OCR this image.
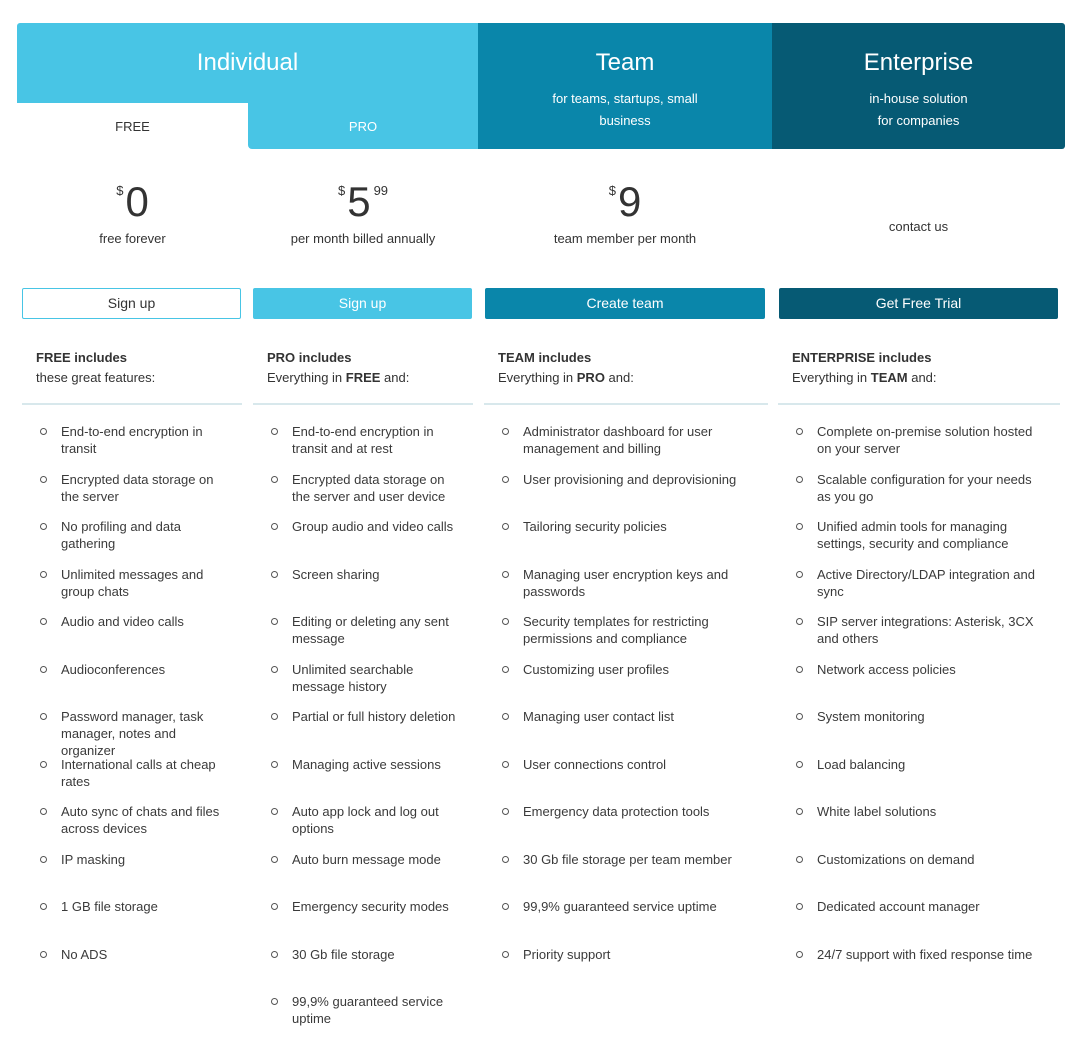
Individual
FREE	PRO
Team
for teams, startups, small business
Enterprise
in-house solution
for companies
$0
free forever
$5 99
per month billed annually
$9
team member per month
contact us
Sign up	Sign up	Create team	Get Free Trial
FREE includes
these great features:
PRO includes
Everything in FREE and:
TEAM includes
Everything in PRO and:
ENTERPRISE includes
Everything in TEAM and:
End-to-end encryption in transit
Encrypted data storage on the server
No profiling and data gathering
Unlimited messages and group chats
Audio and video calls
Audioconferences
Password manager, task manager, notes and organizer
International calls at cheap rates
Auto sync of chats and files across devices
IP masking
1 GB file storage
No ADS
End-to-end encryption in transit and at rest
Encrypted data storage on the server and user device
Group audio and video calls
Screen sharing
Editing or deleting any sent message
Unlimited searchable message history
Partial or full history deletion
Managing active sessions
Auto app lock and log out options
Auto burn message mode
Emergency security modes
30 Gb file storage
99,9% guaranteed service uptime
Administrator dashboard for user management and billing
User provisioning and deprovisioning
Tailoring security policies
Managing user encryption keys and passwords
Security templates for restricting permissions and compliance
Customizing user profiles
Managing user contact list
User connections control
Emergency data protection tools
30 Gb file storage per team member
99,9% guaranteed service uptime
Priority support
Complete on-premise solution hosted on your server
Scalable configuration for your needs as you go
Unified admin tools for managing settings, security and compliance
Active Directory/LDAP integration and sync
SIP server integrations: Asterisk, 3CX and others
Network access policies
System monitoring
Load balancing
White label solutions
Customizations on demand
Dedicated account manager
24/7 support with fixed response time
